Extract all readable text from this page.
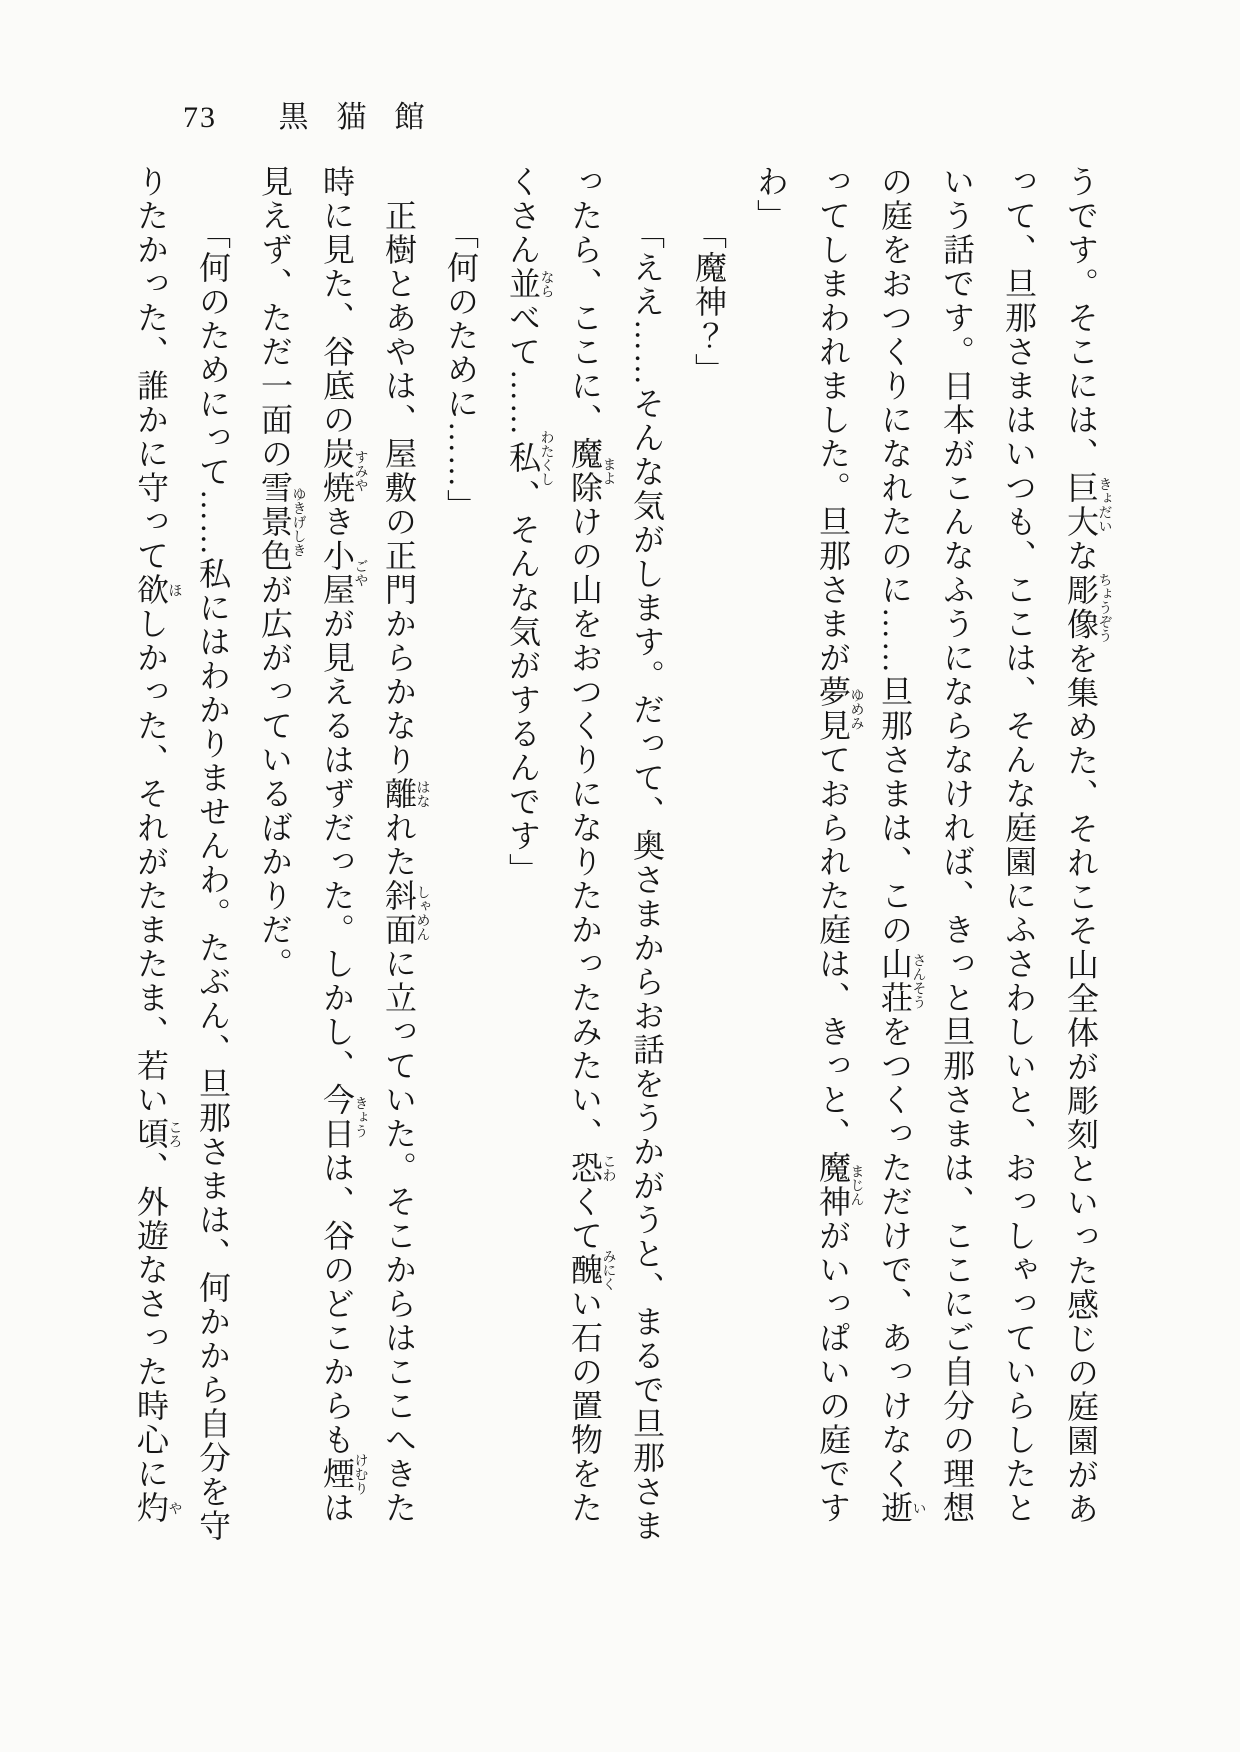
73 黒猫館

うです。そこには、巨大きょだいな彫像ちょうぞうを集めた、それこそ山全体が彫刻といった感じの庭園があ

って、旦那さまはいつも、ここは、そんな庭園にふさわしいと、おっしゃっていらしたと

いう話です。日本がこんなふうにならなければ、きっと旦那さまは、ここにご自分の理想

の庭をおつくりになれたのに……旦那さまは、この山荘さんそうをつくっただけで、あっけなく逝い

ってしまわれました。旦那さまが夢見ゆめみておられた庭は、きっと、魔神まじんがいっぱいの庭です

わ」

「魔神？」

「ええ……そんな気がします。だって、奥さまからお話をうかがうと、まるで旦那さま

ったら、ここに、魔除まよけの山をおつくりになりたかったみたい、恐こわくて醜みにくい石の置物をた

くさん並ならべて……私わたくし、そんな気がするんです」

「何のために……」

正樹とあやは、屋敷の正門からかなり離はなれた斜面しゃめんに立っていた。そこからはここへきた

時に見た、谷底の炭焼すみやき小屋ごやが見えるはずだった。しかし、今日きょうは、谷のどこからも煙けむりは

見えず、ただ一面の雪景色ゆきげしきが広がっているばかりだ。

「何のためにって……私にはわかりませんわ。たぶん、旦那さまは、何かから自分を守

りたかった、誰かに守って欲ほしかった、それがたまたま、若い頃ころ、外遊なさった時心に灼や
